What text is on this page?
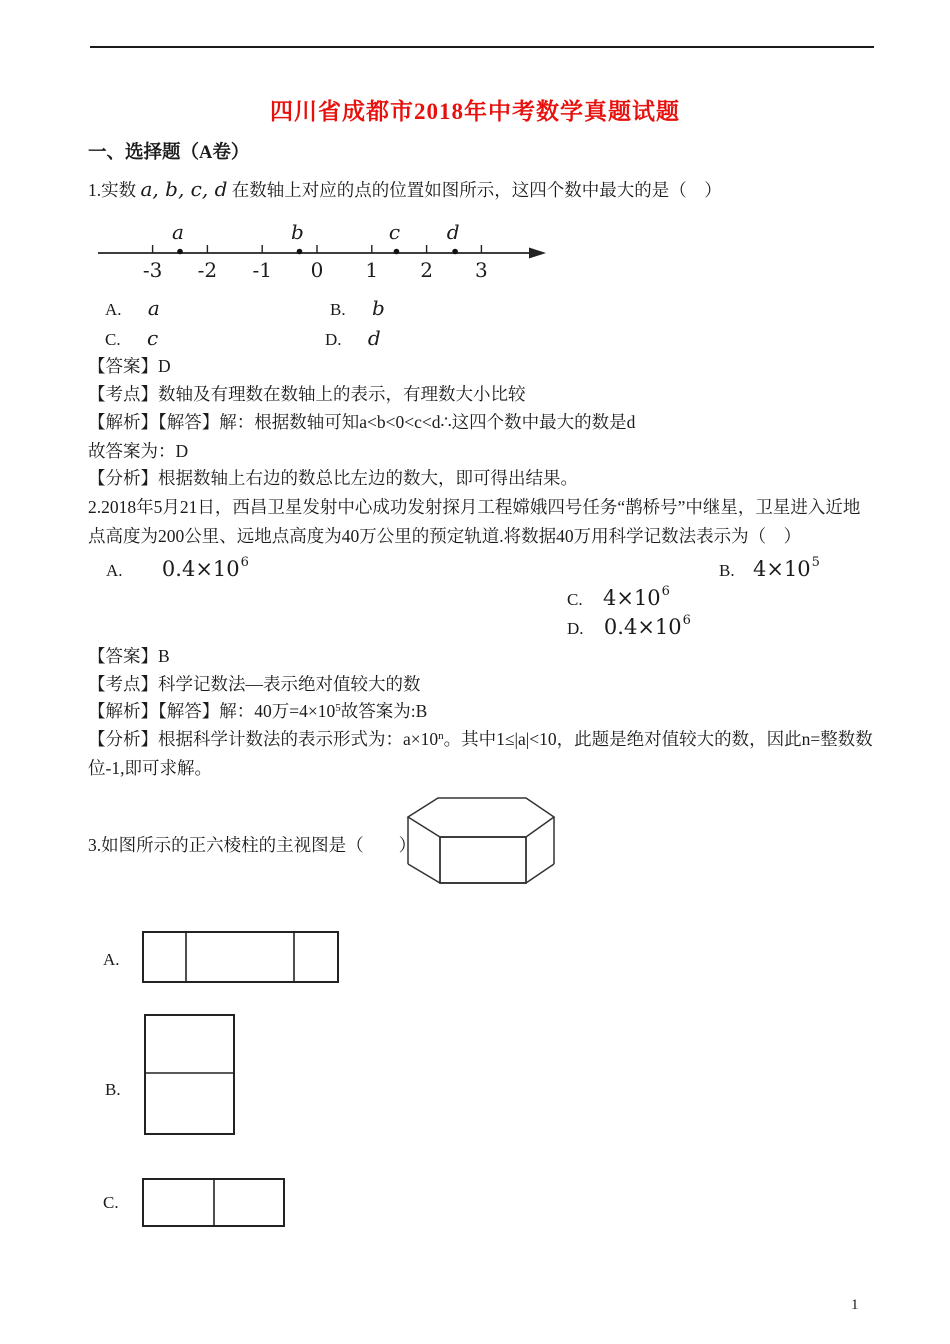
四川省成都市2018年中考数学真题试题
一、选择题（A卷）
1.实数 a, b, c, d 在数轴上对应的点的位置如图所示，这四个数中最大的是（　）
-3 -2 -1 0 1 2 3
a	b	c d
A. a	B. b
C. c	D. d
【答案】D
【考点】数轴及有理数在数轴上的表示，有理数大小比较
【解析】【解答】解：根据数轴可知a<b<0<c<d∴这四个数中最大的数是d
故答案为：D
【分析】根据数轴上右边的数总比左边的数大，即可得出结果。
2.2018年5月21日，西昌卫星发射中心成功发射探月工程嫦娥四号任务“鹊桥号”中继星，卫星进入近地
点高度为200公里、远地点高度为40万公里的预定轨道.将数据40万用科学记数法表示为（　）
A. $0.4\times 10^6$	B. $4\times 10^5$
C. $4\times 10^6$
D. $0.4\times 10^6$
【答案】B
【考点】科学记数法—表示绝对值较大的数
【解析】【解答】解：40万$=4\times 10^5$故答案为:B
【分析】根据科学计数法的表示形式为：$a\times 10^n$。其中1≤|a|<10，此题是绝对值较大的数，因此n=整数数
位-1,即可求解。
3.如图所示的正六棱柱的主视图是（　　）
A.
B.
C.
1
